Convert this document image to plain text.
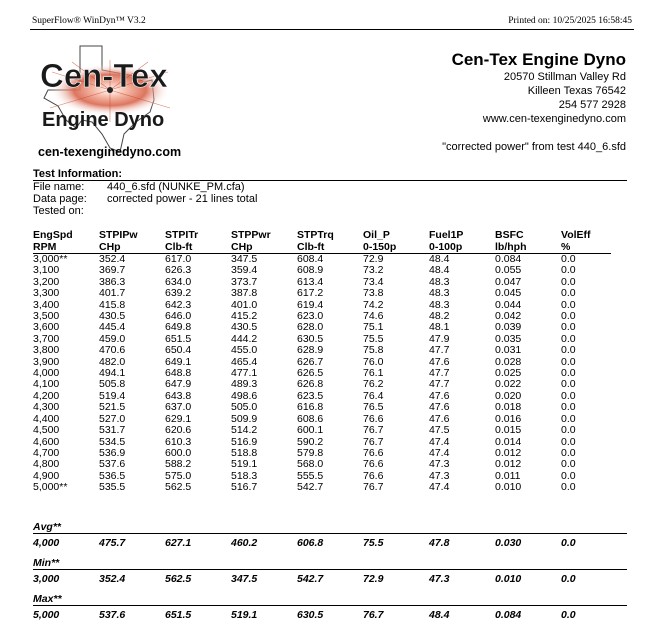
SuperFlow® WinDyn™ V3.2	Printed on: 10/25/2025 16:58:45
Cen-Tex
Engine Dyno
cen-texenginedyno.com
Cen-Tex Engine Dyno
20570 Stillman Valley Rd
Killeen Texas 76542
254 577 2928
www.cen-texenginedyno.com
"corrected power" from test 440_6.sfd
Test Information:
File name: 440_6.sfd (NUNKE_PM.cfa)
Data page: corrected power - 21 lines total
Tested on:
EngSpd	STPIPw	STPITr	STPPwr	STPTrq	Oil_P	Fuel1P	BSFC	VolEff
RPM	CHp	Clb-ft	CHp	Clb-ft	0-150p	0-100p	lb/hph	%
3,000**	352.4	617.0	347.5	608.4	72.9	48.4	0.084	0.0
3,100	369.7	626.3	359.4	608.9	73.2	48.4	0.055	0.0
3,200	386.3	634.0	373.7	613.4	73.4	48.3	0.047	0.0
3,300	401.7	639.2	387.8	617.2	73.8	48.3	0.045	0.0
3,400	415.8	642.3	401.0	619.4	74.2	48.3	0.044	0.0
3,500	430.5	646.0	415.2	623.0	74.6	48.2	0.042	0.0
3,600	445.4	649.8	430.5	628.0	75.1	48.1	0.039	0.0
3,700	459.0	651.5	444.2	630.5	75.5	47.9	0.035	0.0
3,800	470.6	650.4	455.0	628.9	75.8	47.7	0.031	0.0
3,900	482.0	649.1	465.4	626.7	76.0	47.6	0.028	0.0
4,000	494.1	648.8	477.1	626.5	76.1	47.7	0.025	0.0
4,100	505.8	647.9	489.3	626.8	76.2	47.7	0.022	0.0
4,200	519.4	643.8	498.6	623.5	76.4	47.6	0.020	0.0
4,300	521.5	637.0	505.0	616.8	76.5	47.6	0.018	0.0
4,400	527.0	629.1	509.9	608.6	76.6	47.6	0.016	0.0
4,500	531.7	620.6	514.2	600.1	76.7	47.5	0.015	0.0
4,600	534.5	610.3	516.9	590.2	76.7	47.4	0.014	0.0
4,700	536.9	600.0	518.8	579.8	76.6	47.4	0.012	0.0
4,800	537.6	588.2	519.1	568.0	76.6	47.3	0.012	0.0
4,900	536.5	575.0	518.3	555.5	76.6	47.3	0.011	0.0
5,000**	535.5	562.5	516.7	542.7	76.7	47.4	0.010	0.0
Avg**
4,000	475.7	627.1	460.2	606.8	75.5	47.8	0.030	0.0
Min**
3,000	352.4	562.5	347.5	542.7	72.9	47.3	0.010	0.0
Max**
5,000	537.6	651.5	519.1	630.5	76.7	48.4	0.084	0.0
